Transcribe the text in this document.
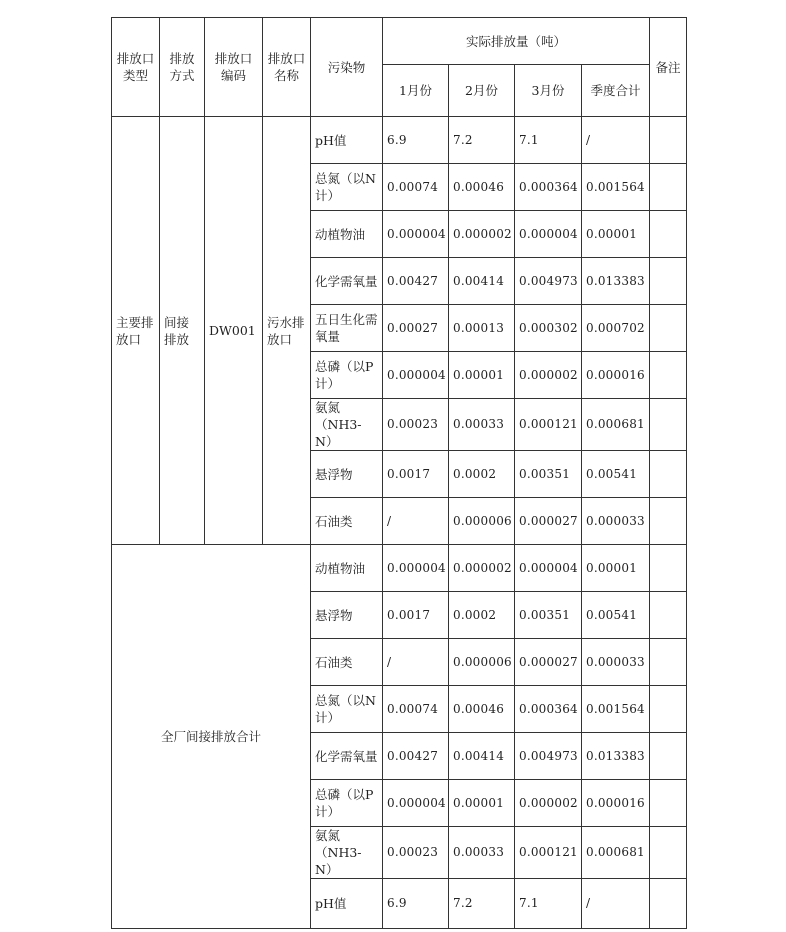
排放口类型	排放方式	排放口编码	排放口名称	污染物	实际排放量（吨）				备注
					1月份	2月份	3月份	季度合计	
主要排放口	间接排放	DW001	污水排放口	pH值	6.9	7.2	7.1	/	
				总氮（以N计）	0.00074	0.00046	0.000364	0.001564	
				动植物油	0.000004	0.000002	0.000004	0.00001	
				化学需氧量	0.00427	0.00414	0.004973	0.013383	
				五日生化需氧量	0.00027	0.00013	0.000302	0.000702	
				总磷（以P计）	0.000004	0.00001	0.000002	0.000016	
				氨氮（NH3-N）	0.00023	0.00033	0.000121	0.000681	
				悬浮物	0.0017	0.0002	0.00351	0.00541	
				石油类	/	0.000006	0.000027	0.000033	
全厂间接排放合计				动植物油	0.000004	0.000002	0.000004	0.00001	
				悬浮物	0.0017	0.0002	0.00351	0.00541	
				石油类	/	0.000006	0.000027	0.000033	
				总氮（以N计）	0.00074	0.00046	0.000364	0.001564	
				化学需氧量	0.00427	0.00414	0.004973	0.013383	
				总磷（以P计）	0.000004	0.00001	0.000002	0.000016	
				氨氮（NH3-N）	0.00023	0.00033	0.000121	0.000681	
				pH值	6.9	7.2	7.1	/	
